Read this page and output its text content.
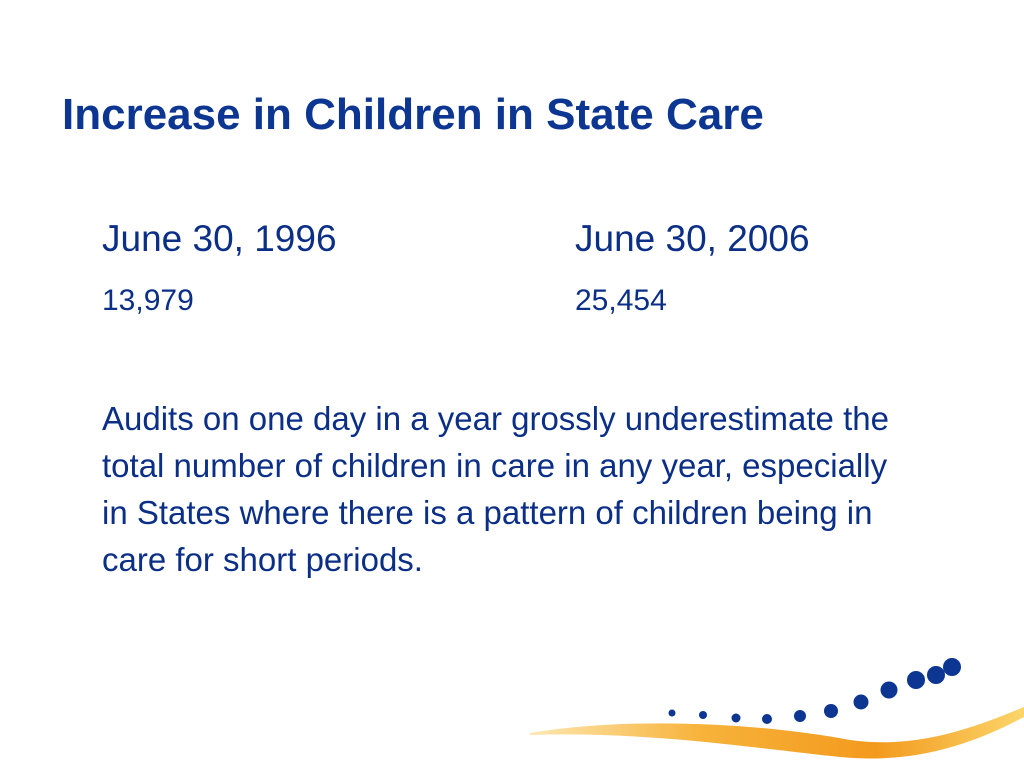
Increase in Children in State Care
June 30, 1996	June 30, 2006
13,979	25,454

Audits on one day in a year grossly underestimate the total number of children in care in any year, especially in States where there is a pattern of children being in care for short periods.
